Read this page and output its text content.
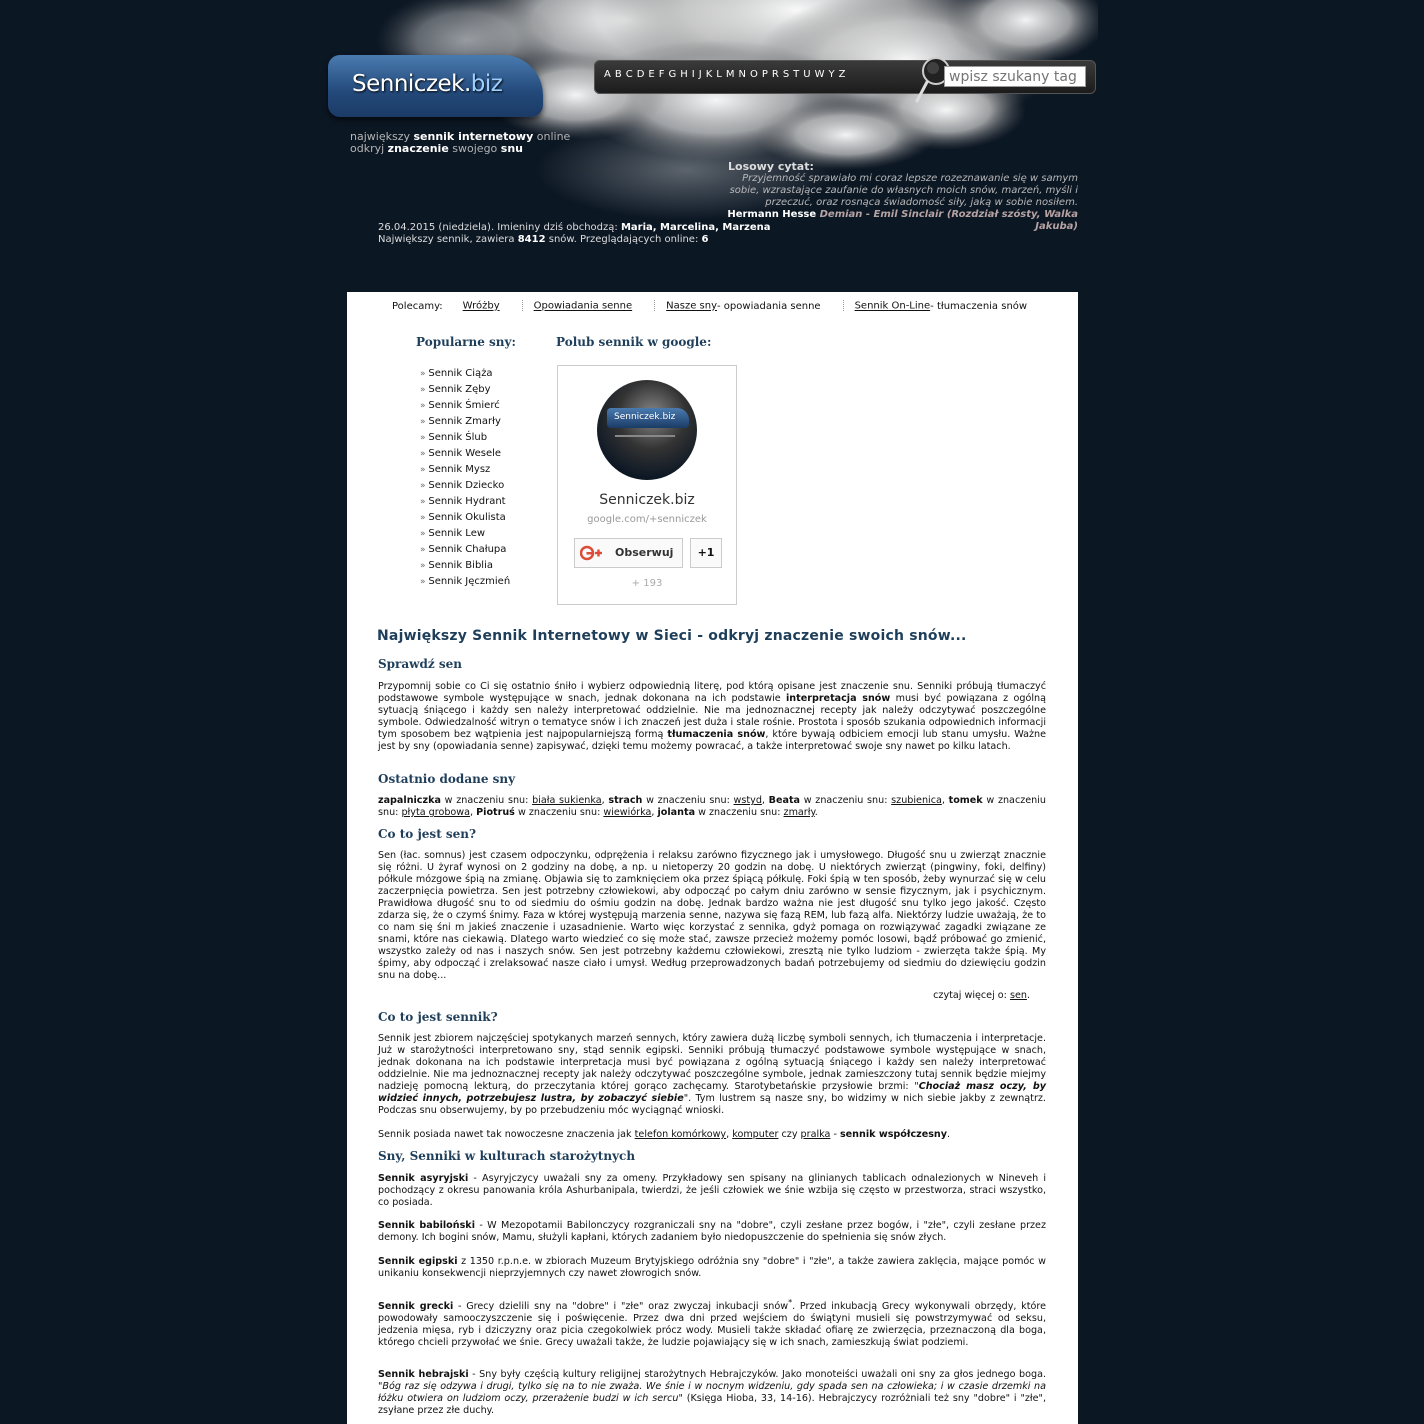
Senniczek.biz
największy sennik internetowy online
odkryj znaczenie swojego snu
A B C D E F G H I J K L M N O P R S T U W Y Z
wpisz szukany tag
Losowy cytat:
Przyjemność sprawiało mi coraz lepsze rozeznawanie się w samym sobie, wzrastające zaufanie do własnych moich snów, marzeń, myśli i przeczuć, oraz rosnąca świadomość siły, jaką w sobie nosiłem.
Hermann Hesse Demian - Emil Sinclair (Rozdział szósty, Walka Jakuba)
26.04.2015 (niedziela). Imieniny dziś obchodzą: Maria, Marcelina, Marzena
Największy sennik, zawiera 8412 snów. Przeglądających online: 6
Polecamy: Wróżby	Opowiadania senne	Nasze sny- opowiadania senne	Sennik On-Line- tłumaczenia snów
Popularne sny:
» Sennik Ciąża
» Sennik Zęby
» Sennik Śmierć
» Sennik Zmarły
» Sennik Ślub
» Sennik Wesele
» Sennik Mysz
» Sennik Dziecko
» Sennik Hydrant
» Sennik Okulista
» Sennik Lew
» Sennik Chałupa
» Sennik Biblia
» Sennik Jęczmień
Polub sennik w google:
Senniczek.biz
Senniczek.biz
google.com/+senniczek
Obserwuj	+1
+ 193
Największy Sennik Internetowy w Sieci - odkryj znaczenie swoich snów...
Sprawdź sen
Przypomnij sobie co Ci się ostatnio śniło i wybierz odpowiednią literę, pod którą opisane jest znaczenie snu. Senniki próbują tłumaczyć podstawowe symbole występujące w snach, jednak dokonana na ich podstawie interpretacja snów musi być powiązana z ogólną sytuacją śniącego i każdy sen należy interpretować oddzielnie. Nie ma jednoznacznej recepty jak należy odczytywać poszczególne symbole. Odwiedzalność witryn o tematyce snów i ich znaczeń jest duża i stale rośnie. Prostota i sposób szukania odpowiednich informacji tym sposobem bez wątpienia jest najpopularniejszą formą tłumaczenia snów, które bywają odbiciem emocji lub stanu umysłu. Ważne jest by sny (opowiadania senne) zapisywać, dzięki temu możemy powracać, a także interpretować swoje sny nawet po kilku latach.
Ostatnio dodane sny
zapalniczka w znaczeniu snu: biała sukienka, strach w znaczeniu snu: wstyd, Beata w znaczeniu snu: szubienica, tomek w znaczeniu snu: płyta grobowa, Piotruś w znaczeniu snu: wiewiórka, jolanta w znaczeniu snu: zmarły.
Co to jest sen?
Sen (łac. somnus) jest czasem odpoczynku, odprężenia i relaksu zarówno fizycznego jak i umysłowego. Długość snu u zwierząt znacznie się różni. U żyraf wynosi on 2 godziny na dobę, a np. u nietoperzy 20 godzin na dobę. U niektórych zwierząt (pingwiny, foki, delfiny) półkule mózgowe śpią na zmianę. Objawia się to zamknięciem oka przez śpiącą półkulę. Foki śpią w ten sposób, żeby wynurzać się w celu zaczerpnięcia powietrza. Sen jest potrzebny człowiekowi, aby odpocząć po całym dniu zarówno w sensie fizycznym, jak i psychicznym. Prawidłowa długość snu to od siedmiu do ośmiu godzin na dobę. Jednak bardzo ważna nie jest długość snu tylko jego jakość. Często zdarza się, że o czymś śnimy. Faza w której występują marzenia senne, nazywa się fazą REM, lub fazą alfa. Niektórzy ludzie uważają, że to co nam się śni m jakieś znaczenie i uzasadnienie. Warto więc korzystać z sennika, gdyż pomaga on rozwiązywać zagadki związane ze snami, które nas ciekawią. Dlatego warto wiedzieć co się może stać, zawsze przecież możemy pomóc losowi, bądź próbować go zmienić, wszystko zależy od nas i naszych snów. Sen jest potrzebny każdemu człowiekowi, zresztą nie tylko ludziom - zwierzęta także śpią. My śpimy, aby odpocząć i zrelaksować nasze ciało i umysł. Według przeprowadzonych badań potrzebujemy od siedmiu do dziewięciu godzin snu na dobę...
czytaj więcej o: sen.
Co to jest sennik?
Sennik jest zbiorem najczęściej spotykanych marzeń sennych, który zawiera dużą liczbę symboli sennych, ich tłumaczenia i interpretacje. Już w starożytności interpretowano sny, stąd sennik egipski. Senniki próbują tłumaczyć podstawowe symbole występujące w snach, jednak dokonana na ich podstawie interpretacja musi być powiązana z ogólną sytuacją śniącego i każdy sen należy interpretować oddzielnie. Nie ma jednoznacznej recepty jak należy odczytywać poszczególne symbole, jednak zamieszczony tutaj sennik będzie miejmy nadzieję pomocną lekturą, do przeczytania której gorąco zachęcamy. Starotybetańskie przysłowie brzmi: "Chociaż masz oczy, by widzieć innych, potrzebujesz lustra, by zobaczyć siebie". Tym lustrem są nasze sny, bo widzimy w nich siebie jakby z zewnątrz. Podczas snu obserwujemy, by po przebudzeniu móc wyciągnąć wnioski.
Sennik posiada nawet tak nowoczesne znaczenia jak telefon komórkowy, komputer czy pralka - sennik współczesny.
Sny, Senniki w kulturach starożytnych
Sennik asyryjski - Asyryjczycy uważali sny za omeny. Przykładowy sen spisany na glinianych tablicach odnalezionych w Nineveh i pochodzący z okresu panowania króla Ashurbanipala, twierdzi, że jeśli człowiek we śnie wzbija się często w przestworza, straci wszystko, co posiada.
Sennik babiloński - W Mezopotamii Babilonczycy rozgraniczali sny na "dobre", czyli zesłane przez bogów, i "złe", czyli zesłane przez demony. Ich bogini snów, Mamu, służyli kapłani, których zadaniem było niedopuszczenie do spełnienia się snów złych.
Sennik egipski z 1350 r.p.n.e. w zbiorach Muzeum Brytyjskiego odróżnia sny "dobre" i "złe", a także zawiera zaklęcia, mające pomóc w unikaniu konsekwencji nieprzyjemnych czy nawet złowrogich snów.
Sennik grecki - Grecy dzielili sny na "dobre" i "złe" oraz zwyczaj inkubacji snów*. Przed inkubacją Grecy wykonywali obrzędy, które powodowały samooczyszczenie się i poświęcenie. Przez dwa dni przed wejściem do świątyni musieli się powstrzymywać od seksu, jedzenia mięsa, ryb i dziczyzny oraz picia czegokolwiek prócz wody. Musieli także składać ofiarę ze zwierzęcia, przeznaczoną dla boga, którego chcieli przywołać we śnie. Grecy uważali także, że ludzie pojawiający się w ich snach, zamieszkują świat podziemi.
Sennik hebrajski - Sny były częścią kultury religijnej starożytnych Hebrajczyków. Jako monoteiści uważali oni sny za głos jednego boga. "Bóg raz się odzywa i drugi, tylko się na to nie zważa. We śnie i w nocnym widzeniu, gdy spada sen na człowieka; i w czasie drzemki na łóżku otwiera on ludziom oczy, przerażenie budzi w ich sercu" (Księga Hioba, 33, 14-16). Hebrajczycy rozróżniali też sny "dobre" i "złe", zsyłane przez złe duchy.
